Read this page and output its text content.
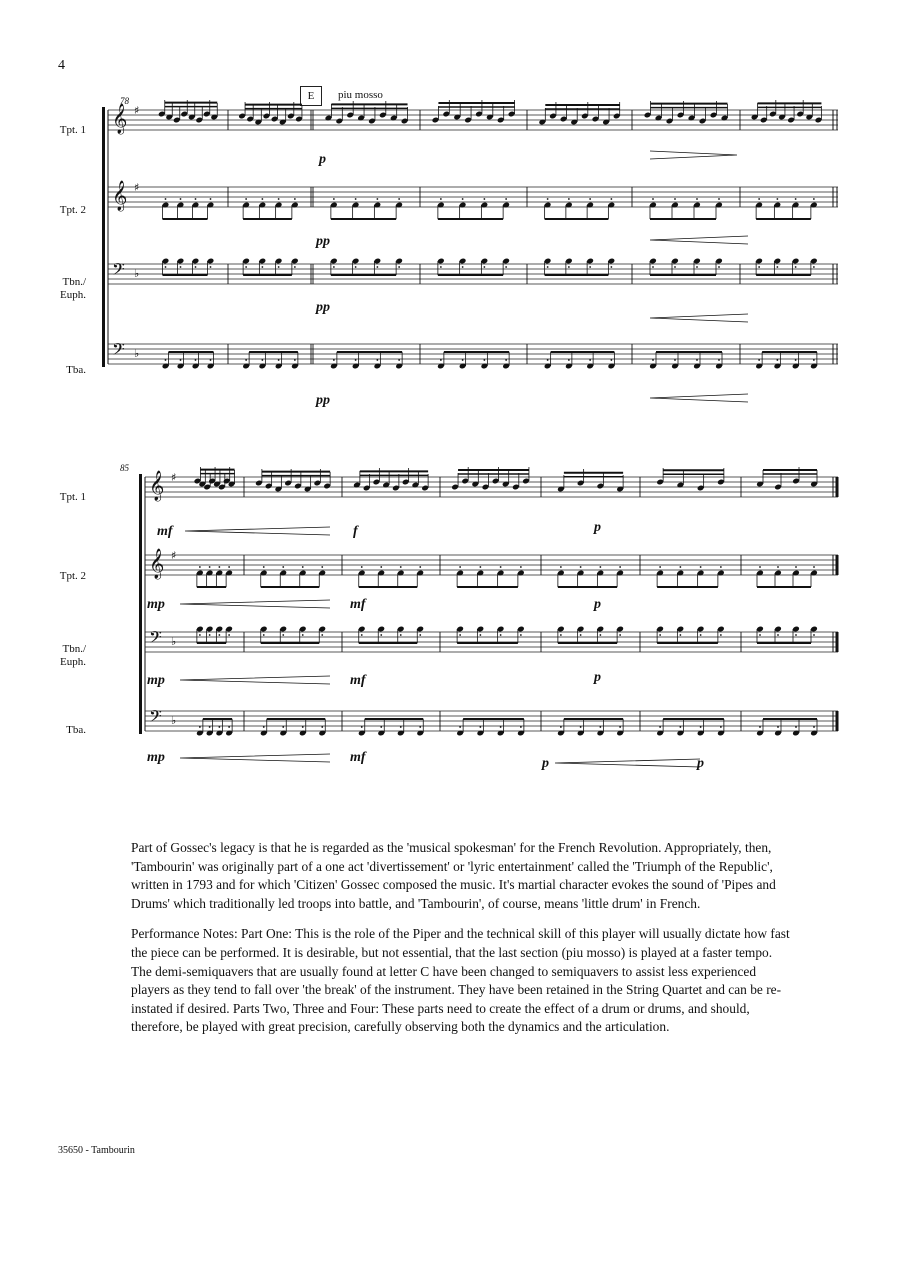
4
E	piu mosso
Tpt. 1
Tpt. 2
Tbn./
Euph.
Tba.
78
Tpt. 1
Tpt. 2
Tbn./
Euph.
Tba.
85
p
pp
pp
pp
mf	f	p
mp	mf	p
mp	mf	p
mp	mf	p	p
𝄞 ♯
𝄞 ♯
𝄢 ♭
𝄢 ♭
𝄞 ♯
𝄞 ♯
𝄢 ♭
𝄢 ♭

Part of Gossec's legacy is that he is regarded as the 'musical spokesman' for the French Revolution. Appropriately, then, 'Tambourin' was originally part of a one act 'divertissement' or 'lyric entertainment' called the 'Triumph of the Republic', written in 1793 and for which 'Citizen' Gossec composed the music. It's martial character evokes the sound of 'Pipes and Drums' which traditionally led troops into battle, and 'Tambourin', of course, means 'little drum' in French.

Performance Notes: Part One: This is the role of the Piper and the technical skill of this player will usually dictate how fast the piece can be performed. It is desirable, but not essential, that the last section (piu mosso) is played at a faster tempo. The demi-semiquavers that are usually found at letter C have been changed to semiquavers to assist less experienced players as they tend to fall over 'the break' of the instrument. They have been retained in the String Quartet and can be re-instated if desired. Parts Two, Three and Four: These parts need to create the effect of a drum or drums, and should, therefore, be played with great precision, carefully observing both the dynamics and the articulation.

35650 - Tambourin
